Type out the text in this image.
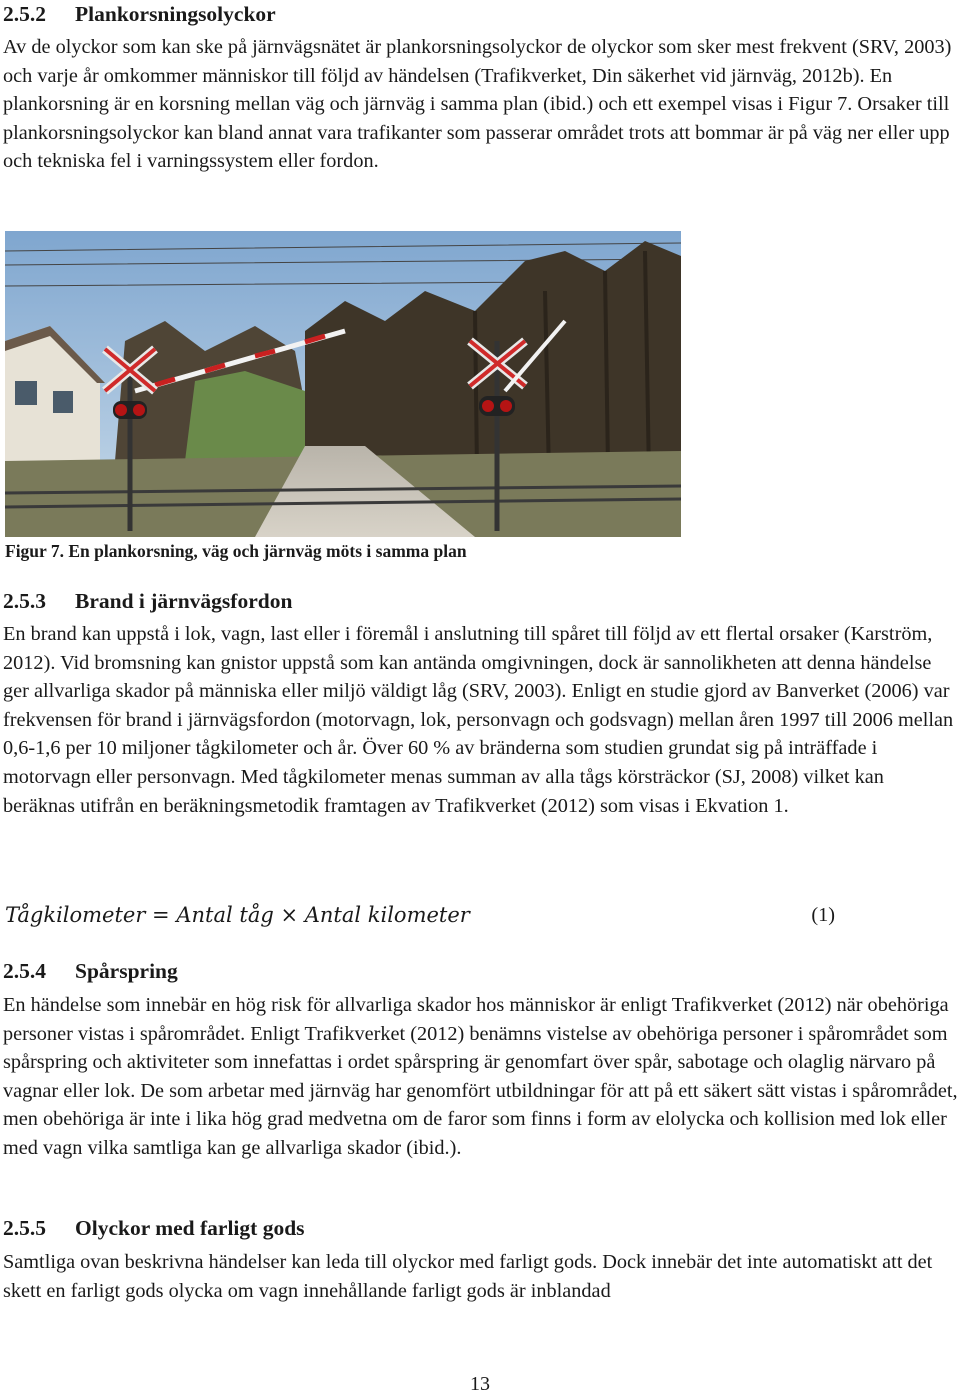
2.5.2 Plankorsningsolyckor

Av de olyckor som kan ske på järnvägsnätet är plankorsningsolyckor de olyckor som sker mest frekvent (SRV, 2003) och varje år omkommer människor till följd av händelsen (Trafikverket, Din säkerhet vid järnväg, 2012b). En plankorsning är en korsning mellan väg och järnväg i samma plan (ibid.) och ett exempel visas i Figur 7. Orsaker till plankorsningsolyckor kan bland annat vara trafikanter som passerar området trots att bommar är på väg ner eller upp och tekniska fel i varningssystem eller fordon.

Figur 7. En plankorsning, väg och järnväg möts i samma plan

2.5.3 Brand i järnvägsfordon

En brand kan uppstå i lok, vagn, last eller i föremål i anslutning till spåret till följd av ett flertal orsaker (Karström, 2012). Vid bromsning kan gnistor uppstå som kan antända omgivningen, dock är sannolikheten att denna händelse ger allvarliga skador på människa eller miljö väldigt låg (SRV, 2003). Enligt en studie gjord av Banverket (2006) var frekvensen för brand i järnvägsfordon (motorvagn, lok, personvagn och godsvagn) mellan åren 1997 till 2006 mellan 0,6-1,6 per 10 miljoner tågkilometer och år. Över 60 % av bränderna som studien grundat sig på inträffade i motorvagn eller personvagn. Med tågkilometer menas summan av alla tågs körsträckor (SJ, 2008) vilket kan beräknas utifrån en beräkningsmetodik framtagen av Trafikverket (2012) som visas i Ekvation 1.

Tågkilometer = Antal tåg × Antal kilometer	(1)
2.5.4 Spårspring

En händelse som innebär en hög risk för allvarliga skador hos människor är enligt Trafikverket (2012) när obehöriga personer vistas i spårområdet. Enligt Trafikverket (2012) benämns vistelse av obehöriga personer i spårområdet som spårspring och aktiviteter som innefattas i ordet spårspring är genomfart över spår, sabotage och olaglig närvaro på vagnar eller lok. De som arbetar med järnväg har genomfört utbildningar för att på ett säkert sätt vistas i spårområdet, men obehöriga är inte i lika hög grad medvetna om de faror som finns i form av elolycka och kollision med lok eller med vagn vilka samtliga kan ge allvarliga skador (ibid.).

2.5.5 Olyckor med farligt gods

Samtliga ovan beskrivna händelser kan leda till olyckor med farligt gods. Dock innebär det inte automatiskt att det skett en farligt gods olycka om vagn innehållande farligt gods är inblandad

13
